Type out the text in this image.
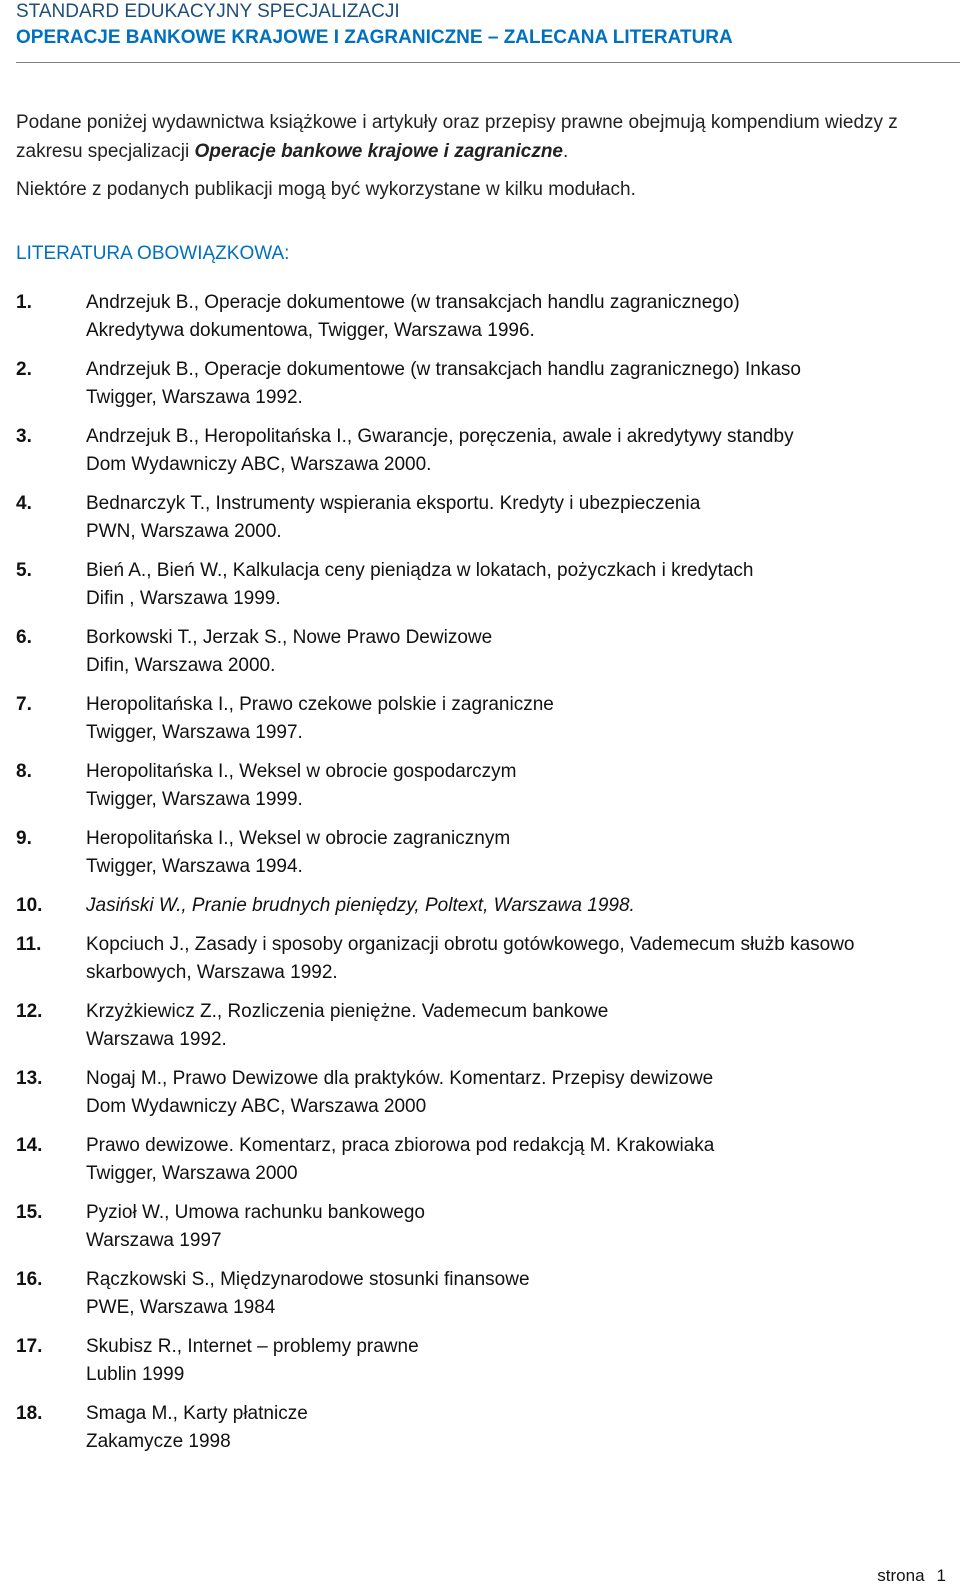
STANDARD EDUKACYJNY SPECJALIZACJI
OPERACJE BANKOWE KRAJOWE I ZAGRANICZNE – ZALECANA LITERATURA
Podane poniżej wydawnictwa książkowe i artykuły oraz przepisy prawne obejmują kompendium wiedzy z zakresu specjalizacji Operacje bankowe krajowe i zagraniczne.
Niektóre z podanych publikacji mogą być wykorzystane w kilku modułach.
LITERATURA OBOWIĄZKOWA:
1.	Andrzejuk B., Operacje dokumentowe (w transakcjach handlu zagranicznego)
Akredytywa dokumentowa, Twigger, Warszawa 1996.
2.	Andrzejuk B., Operacje dokumentowe (w transakcjach handlu zagranicznego) Inkaso
Twigger, Warszawa 1992.
3.	Andrzejuk B., Heropolitańska I., Gwarancje, poręczenia, awale i akredytywy standby
Dom Wydawniczy ABC, Warszawa 2000.
4.	Bednarczyk T., Instrumenty wspierania eksportu. Kredyty i ubezpieczenia
PWN, Warszawa 2000.
5.	Bień A., Bień W., Kalkulacja ceny pieniądza w lokatach, pożyczkach i kredytach
Difin , Warszawa 1999.
6.	Borkowski T., Jerzak S., Nowe Prawo Dewizowe
Difin, Warszawa 2000.
7.	Heropolitańska I., Prawo czekowe polskie i zagraniczne
Twigger, Warszawa 1997.
8.	Heropolitańska I., Weksel w obrocie gospodarczym
Twigger, Warszawa 1999.
9.	Heropolitańska I., Weksel w obrocie zagranicznym
Twigger, Warszawa 1994.
10. Jasiński W., Pranie brudnych pieniędzy, Poltext, Warszawa 1998.
11. Kopciuch J., Zasady i sposoby organizacji obrotu gotówkowego, Vademecum służb kasowo
skarbowych, Warszawa 1992.
12. Krzyżkiewicz Z., Rozliczenia pieniężne. Vademecum bankowe
Warszawa 1992.
13. Nogaj M., Prawo Dewizowe dla praktyków. Komentarz. Przepisy dewizowe
Dom Wydawniczy ABC, Warszawa 2000
14. Prawo dewizowe. Komentarz, praca zbiorowa pod redakcją M. Krakowiaka
Twigger, Warszawa 2000
15. Pyzioł W., Umowa rachunku bankowego
Warszawa 1997
16. Rączkowski S., Międzynarodowe stosunki finansowe
PWE, Warszawa 1984
17. Skubisz R., Internet – problemy prawne
Lublin 1999
18. Smaga M., Karty płatnicze
Zakamycze 1998
strona 1
